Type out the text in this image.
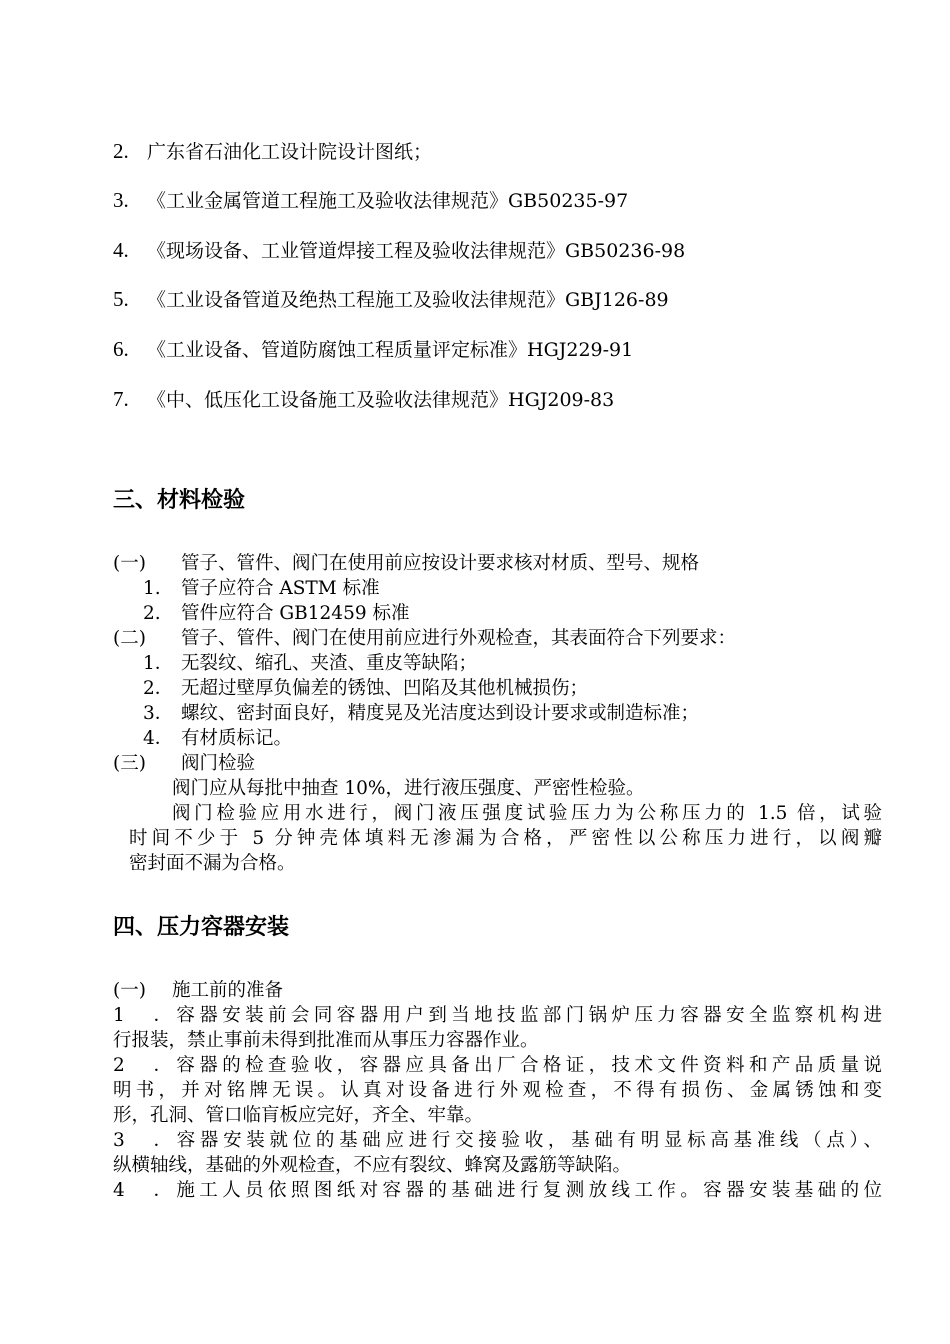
2. 广东省石油化工设计院设计图纸；
3. 《工业金属管道工程施工及验收法律规范》GB50235-97
4. 《现场设备、工业管道焊接工程及验收法律规范》GB50236-98
5. 《工业设备管道及绝热工程施工及验收法律规范》GBJ126-89
6. 《工业设备、管道防腐蚀工程质量评定标准》HGJ229-91
7. 《中、低压化工设备施工及验收法律规范》HGJ209-83
三、材料检验
(一) 管子、管件、阀门在使用前应按设计要求核对材质、型号、规格
1. 管子应符合 ASTM 标准
2. 管件应符合 GB12459 标准
(二) 管子、管件、阀门在使用前应进行外观检查，其表面符合下列要求：
1． 无裂纹、缩孔、夹渣、重皮等缺陷；
2． 无超过壁厚负偏差的锈蚀、凹陷及其他机械损伤；
3． 螺纹、密封面良好，精度晃及光洁度达到设计要求或制造标准；
4． 有材质标记。
(三) 阀门检验
阀门应从每批中抽查 10%，进行液压强度、严密性检验。
阀门检验应用水进行，阀门液压强度试验压力为公称压力的 1.5 倍，试验
时间不少于 5 分钟壳体填料无渗漏为合格，严密性以公称压力进行，以阀瓣
密封面不漏为合格。
四、压力容器安装
(一) 施工前的准备
1．容器安装前会同容器用户到当地技监部门锅炉压力容器安全监察机构进
行报装，禁止事前未得到批准而从事压力容器作业。
2．容器的检查验收，容器应具备出厂合格证，技术文件资料和产品质量说
明书，并对铭牌无误。认真对设备进行外观检查，不得有损伤、金属锈蚀和变
形，孔洞、管口临肓板应完好，齐全、牢靠。
3．容器安装就位的基础应进行交接验收，基础有明显标高基准线（点）、
纵横轴线，基础的外观检查，不应有裂纹、蜂窝及露筋等缺陷。
4．施工人员依照图纸对容器的基础进行复测放线工作。容器安装基础的位
